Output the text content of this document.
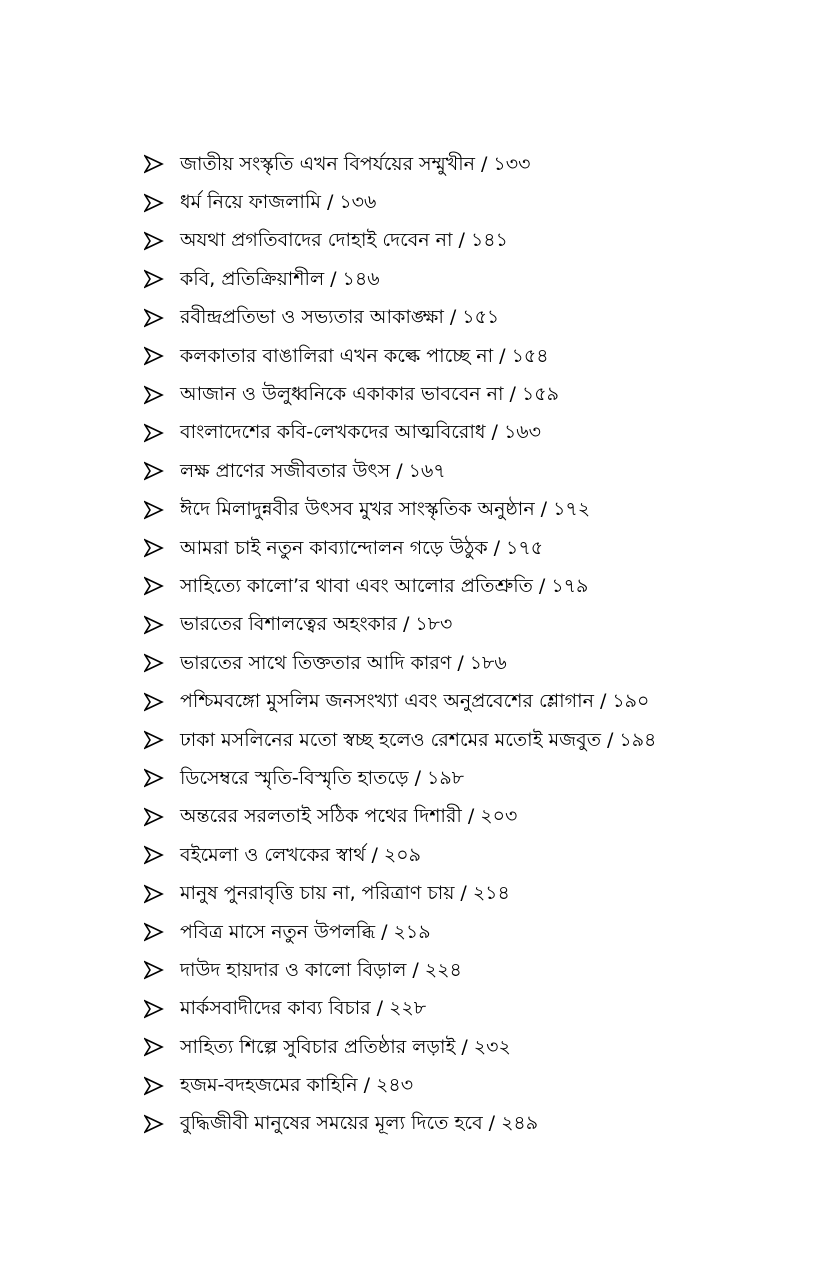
জাতীয় সংস্কৃতি এখন বিপর্যয়ের সম্মুখীন / ১৩৩
ধর্ম নিয়ে ফাজলামি / ১৩৬
অযথা প্রগতিবাদের দোহাই দেবেন না / ১৪১
কবি, প্রতিক্রিয়াশীল / ১৪৬
রবীন্দ্রপ্রতিভা ও সভ্যতার আকাঙ্ক্ষা / ১৫১
কলকাতার বাঙালিরা এখন কল্কে পাচ্ছে না / ১৫৪
আজান ও উলুধ্বনিকে একাকার ভাববেন না / ১৫৯
বাংলাদেশের কবি-লেখকদের আত্মবিরোধ / ১৬৩
লক্ষ প্রাণের সজীবতার উৎস / ১৬৭
ঈদে মিলাদুন্নবীর উৎসব মুখর সাংস্কৃতিক অনুষ্ঠান / ১৭২
আমরা চাই নতুন কাব্যান্দোলন গড়ে উঠুক / ১৭৫
সাহিত্যে কালো’র থাবা এবং আলোর প্রতিশ্রুতি / ১৭৯
ভারতের বিশালত্বের অহংকার / ১৮৩
ভারতের সাথে তিক্ততার আদি কারণ / ১৮৬
পশ্চিমবঙ্গো মুসলিম জনসংখ্যা এবং অনুপ্রবেশের শ্লোগান / ১৯০
ঢাকা মসলিনের মতো স্বচ্ছ হলেও রেশমের মতোই মজবুত / ১৯৪
ডিসেম্বরে স্মৃতি-বিস্মৃতি হাতড়ে / ১৯৮
অন্তরের সরলতাই সঠিক পথের দিশারী / ২০৩
বইমেলা ও লেখকের স্বার্থ / ২০৯
মানুষ পুনরাবৃত্তি চায় না, পরিত্রাণ চায় / ২১৪
পবিত্র মাসে নতুন উপলব্ধি / ২১৯
দাউদ হায়দার ও কালো বিড়াল / ২২৪
মার্কসবাদীদের কাব্য বিচার / ২২৮
সাহিত্য শিল্পে সুবিচার প্রতিষ্ঠার লড়াই / ২৩২
হজম-বদহজমের কাহিনি / ২৪৩
বুদ্ধিজীবী মানুষের সময়ের মূল্য দিতে হবে / ২৪৯
